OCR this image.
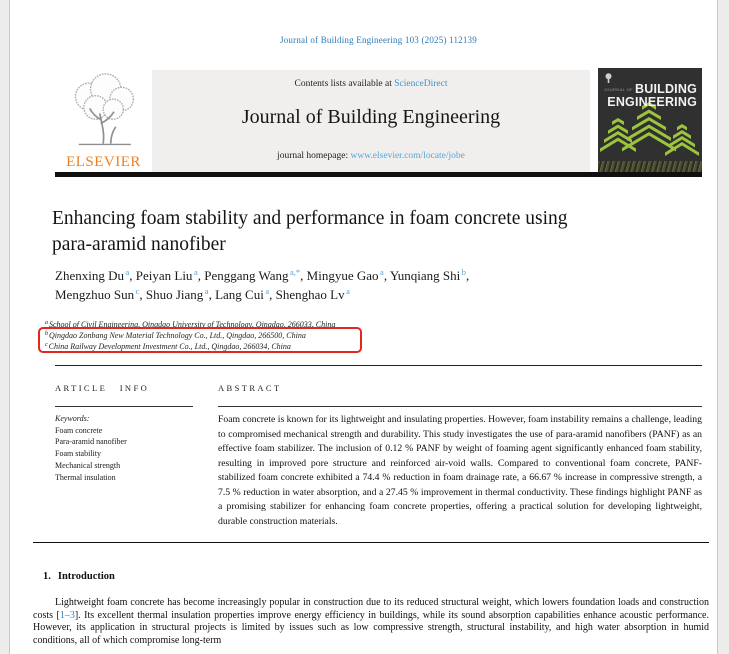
Journal of Building Engineering 103 (2025) 112139
ELSEVIER
Contents lists available at ScienceDirect
Journal of Building Engineering
journal homepage: www.elsevier.com/locate/jobe
JOURNAL OF BUILDING
ENGINEERING
Enhancing foam stability and performance in foam concrete using
para-aramid nanofiber
Zhenxing Du $^a$, Peiyan Liu $^a$, Penggang Wang $^{a,*}$, Mingyue Gao $^a$, Yunqiang Shi $^b$,
Mengzhuo Sun $^c$, Shuo Jiang $^a$, Lang Cui $^a$, Shenghao Lv $^a$
$^a$School of Civil Engineering, Qingdao University of Technology, Qingdao, 266033, China
$^b$Qingdao Zonbang New Material Technology Co., Ltd., Qingdao, 266500, China
$^c$China Railway Development Investment Co., Ltd., Qingdao, 266034, China
ARTICLE INFO
Keywords:
Foam concrete
Para-aramid nanofiber
Foam stability
Mechanical strength
Thermal insulation
ABSTRACT
Foam concrete is known for its lightweight and insulating properties. However, foam instability remains a challenge, leading to compromised mechanical strength and durability. This study investigates the use of para-aramid nanofibers (PANF) as an effective foam stabilizer. The inclusion of 0.12 % PANF by weight of foaming agent significantly enhanced foam stability, resulting in improved pore structure and reinforced air-void walls. Compared to conventional foam concrete, PANF-stabilized foam concrete exhibited a 74.4 % reduction in foam drainage rate, a 66.67 % increase in compressive strength, a 7.5 % reduction in water absorption, and a 27.45 % improvement in thermal conductivity. These findings highlight PANF as a promising stabilizer for enhancing foam concrete properties, offering a practical solution for developing lightweight, durable construction materials.
1. Introduction

Lightweight foam concrete has become increasingly popular in construction due to its reduced structural weight, which lowers foundation loads and construction costs [1–3]. Its excellent thermal insulation properties improve energy efficiency in buildings, while its sound absorption capabilities enhance acoustic performance. However, its application in structural projects is limited by issues such as low compressive strength, structural instability, and high water absorption in humid conditions, all of which compromise long-term
